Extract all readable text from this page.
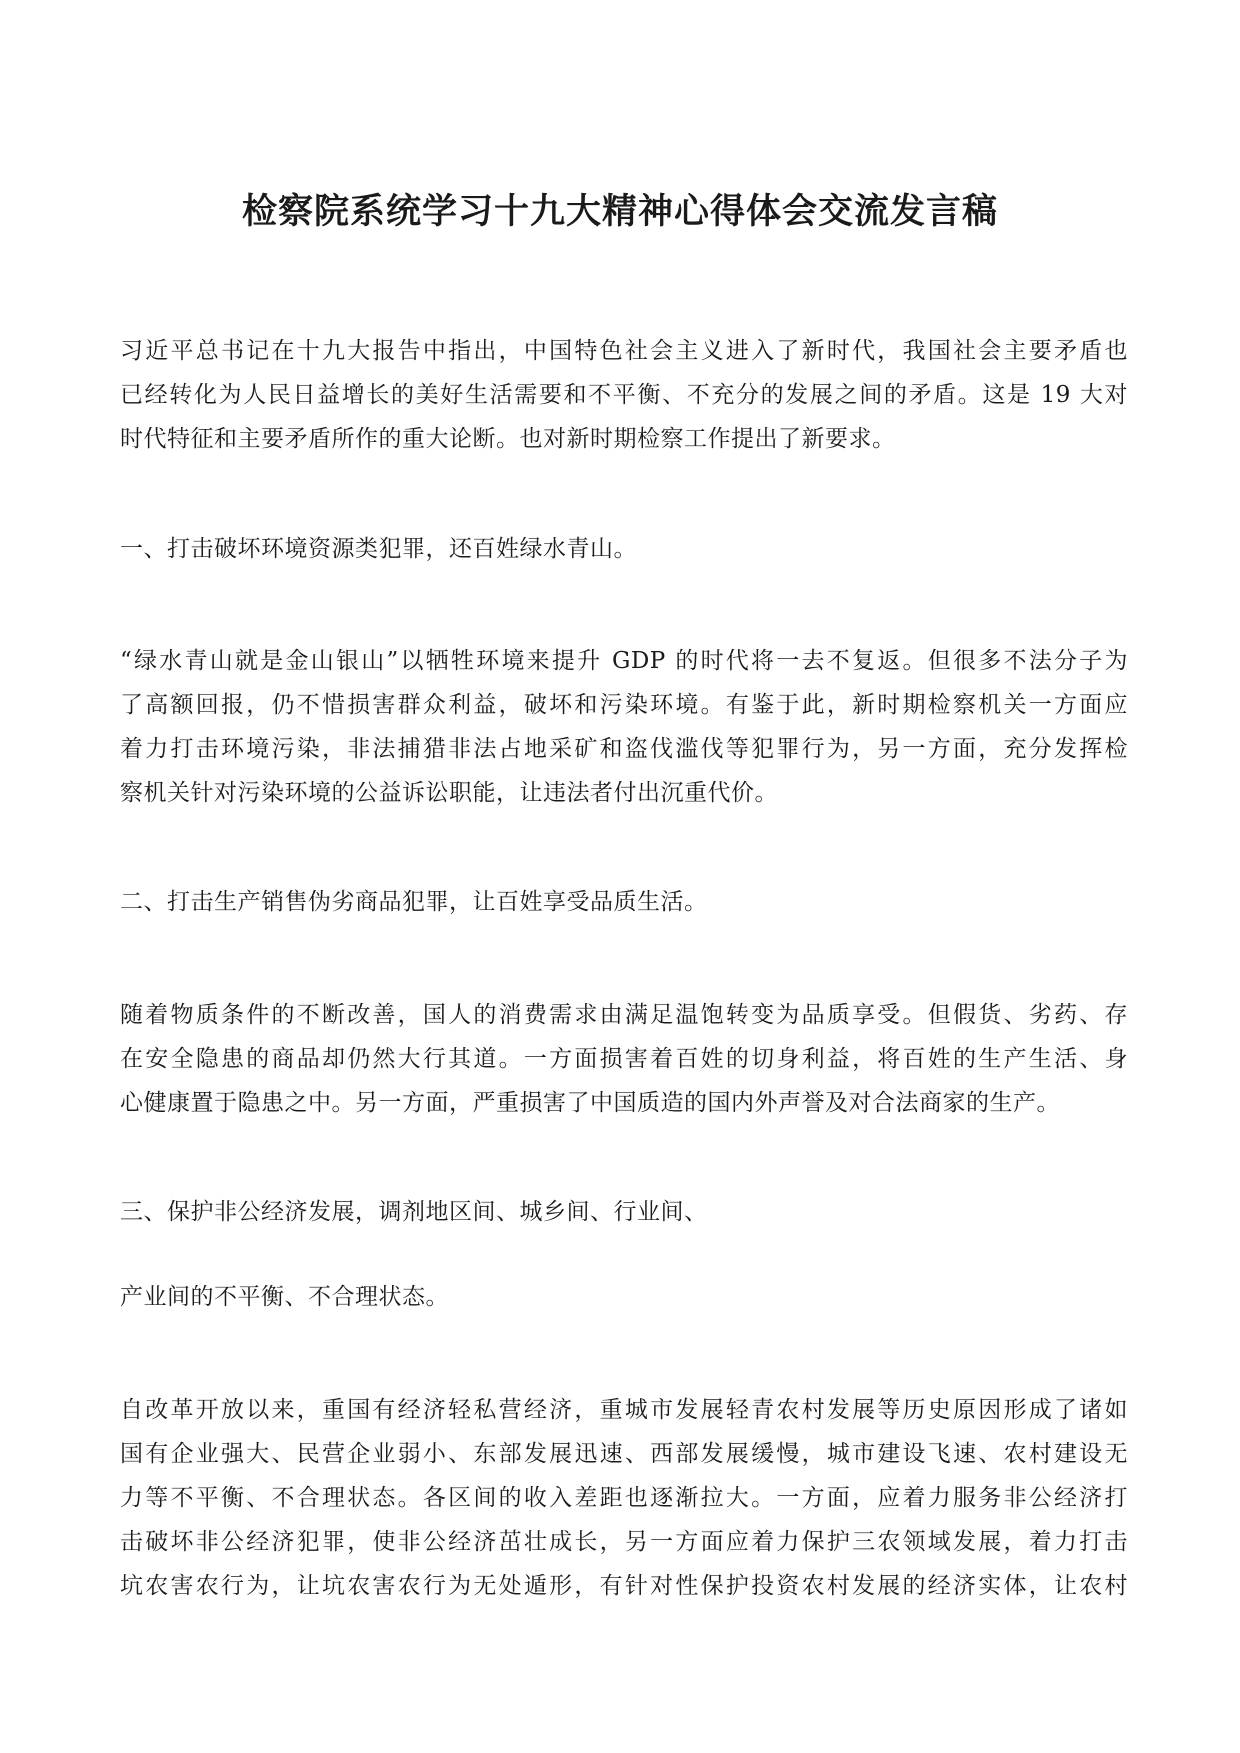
检察院系统学习十九大精神心得体会交流发言稿

习近平总书记在十九大报告中指出，中国特色社会主义进入了新时代，我国社会主要矛盾也
已经转化为人民日益增长的美好生活需要和不平衡、不充分的发展之间的矛盾。这是 19 大对
时代特征和主要矛盾所作的重大论断。也对新时期检察工作提出了新要求。

一、打击破坏环境资源类犯罪，还百姓绿水青山。

“绿水青山就是金山银山”以牺牲环境来提升 GDP 的时代将一去不复返。但很多不法分子为
了高额回报，仍不惜损害群众利益，破坏和污染环境。有鉴于此，新时期检察机关一方面应
着力打击环境污染，非法捕猎非法占地采矿和盗伐滥伐等犯罪行为，另一方面，充分发挥检
察机关针对污染环境的公益诉讼职能，让违法者付出沉重代价。

二、打击生产销售伪劣商品犯罪，让百姓享受品质生活。

随着物质条件的不断改善，国人的消费需求由满足温饱转变为品质享受。但假货、劣药、存
在安全隐患的商品却仍然大行其道。一方面损害着百姓的切身利益，将百姓的生产生活、身
心健康置于隐患之中。另一方面，严重损害了中国质造的国内外声誉及对合法商家的生产。

三、保护非公经济发展，调剂地区间、城乡间、行业间、

产业间的不平衡、不合理状态。

自改革开放以来，重国有经济轻私营经济，重城市发展轻青农村发展等历史原因形成了诸如
国有企业强大、民营企业弱小、东部发展迅速、西部发展缓慢，城市建设飞速、农村建设无
力等不平衡、不合理状态。各区间的收入差距也逐渐拉大。一方面，应着力服务非公经济打
击破坏非公经济犯罪，使非公经济茁壮成长，另一方面应着力保护三农领域发展，着力打击
坑农害农行为，让坑农害农行为无处遁形，有针对性保护投资农村发展的经济实体，让农村
